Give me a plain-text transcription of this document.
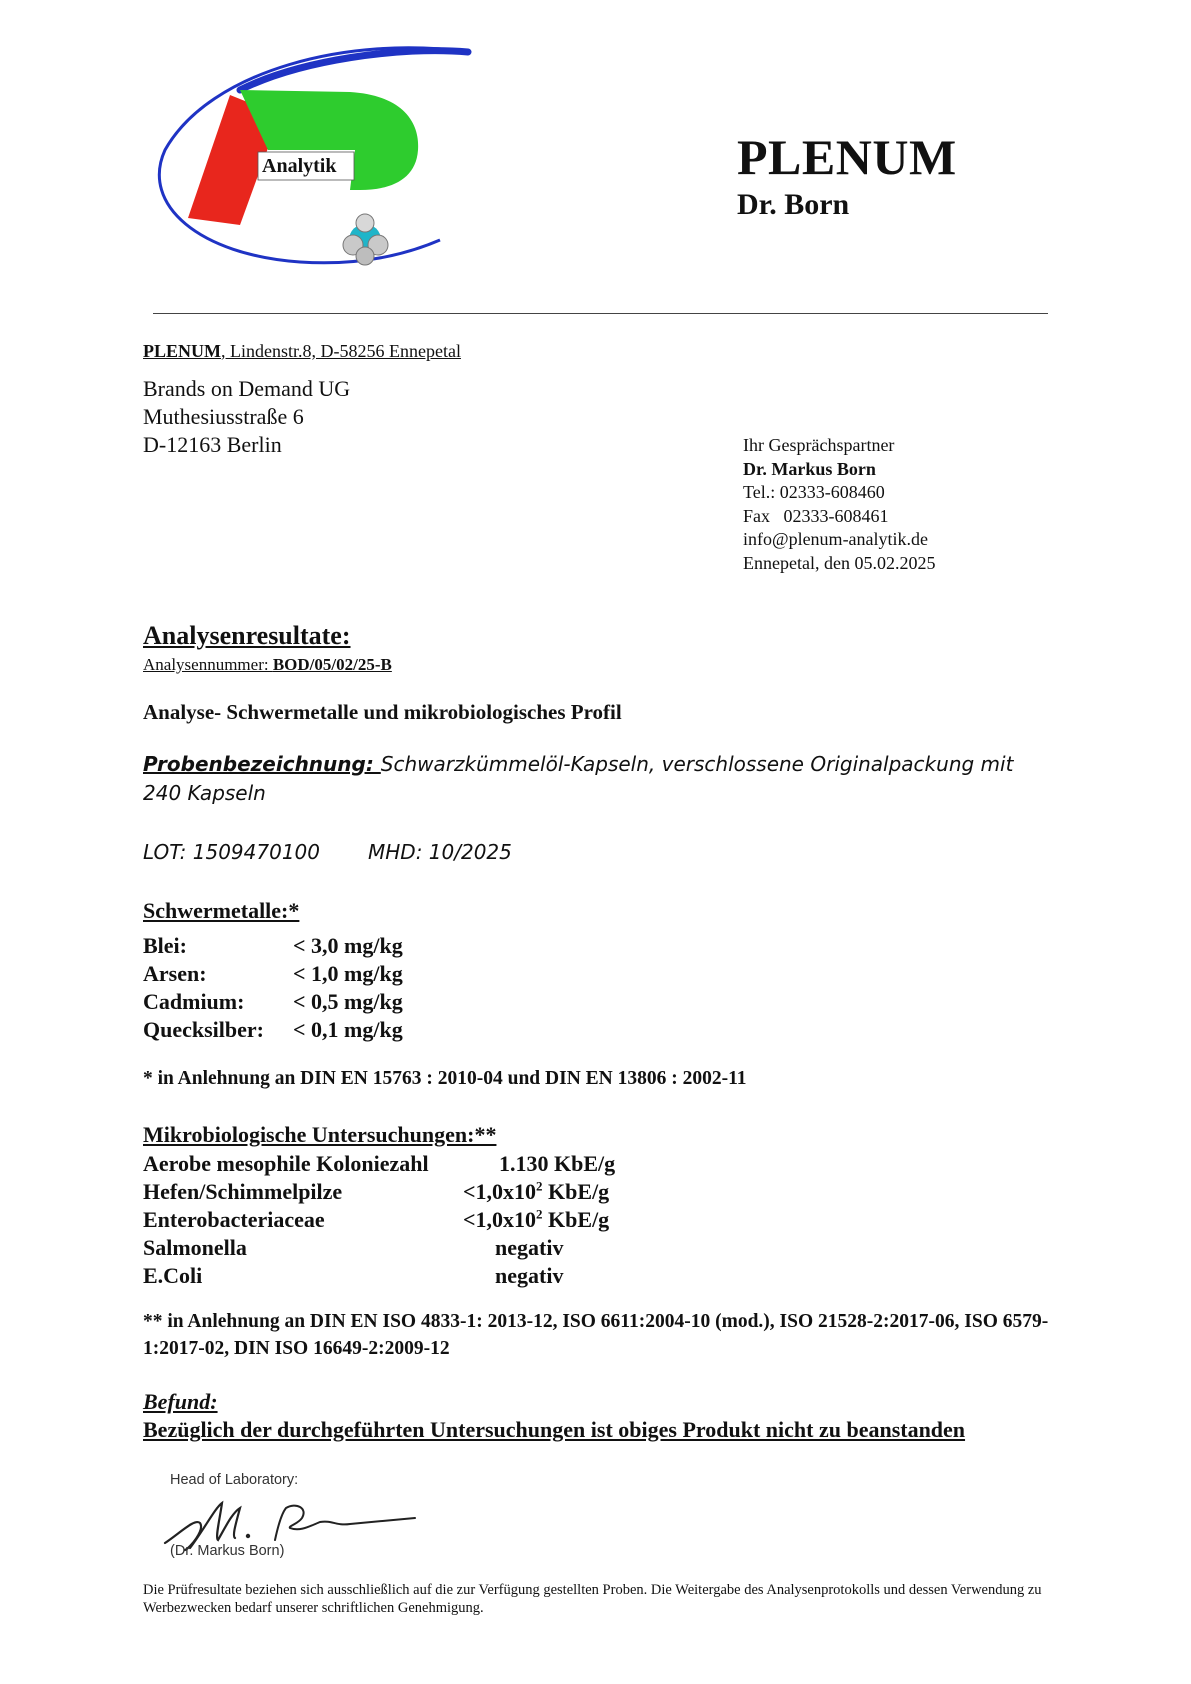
Analytik	PLENUM
Dr. Born
PLENUM, Lindenstr.8, D-58256 Ennepetal
Brands on Demand UG
Muthesiusstraße 6
D-12163 Berlin	Ihr Gesprächspartner
Dr. Markus Born
Tel.: 02333-608460
Fax   02333-608461
info@plenum-analytik.de
Ennepetal, den 05.02.2025
Analysenresultate:
Analysennummer: BOD/05/02/25-B
Analyse- Schwermetalle und mikrobiologisches Profil
Probenbezeichnung: Schwarzkümmelöl-Kapseln, verschlossene Originalpackung mit 240 Kapseln
LOT: 1509470100 MHD: 10/2025
Schwermetalle:*
Blei:	< 3,0 mg/kg
Arsen:	< 1,0 mg/kg
Cadmium: < 0,5 mg/kg
Quecksilber: < 0,1 mg/kg
* in Anlehnung an DIN EN 15763 : 2010-04 und DIN EN 13806 : 2002-11
Mikrobiologische Untersuchungen:**
Aerobe mesophile Koloniezahl	1.130 KbE/g
Hefen/Schimmelpilze	$<1,0x10^2$ KbE/g
Enterobacteriaceae	$<1,0x10^2$ KbE/g
Salmonella	negativ
E.Coli	negativ
** in Anlehnung an DIN EN ISO 4833-1: 2013-12, ISO 6611:2004-10 (mod.), ISO 21528-2:2017-06, ISO 6579-1:2017-02, DIN ISO 16649-2:2009-12
Befund:
Bezüglich der durchgeführten Untersuchungen ist obiges Produkt nicht zu beanstanden
Head of Laboratory:
(Dr. Markus Born)
Die Prüfresultate beziehen sich ausschließlich auf die zur Verfügung gestellten Proben. Die Weitergabe des Analysenprotokolls und dessen Verwendung zu Werbezwecken bedarf unserer schriftlichen Genehmigung.
